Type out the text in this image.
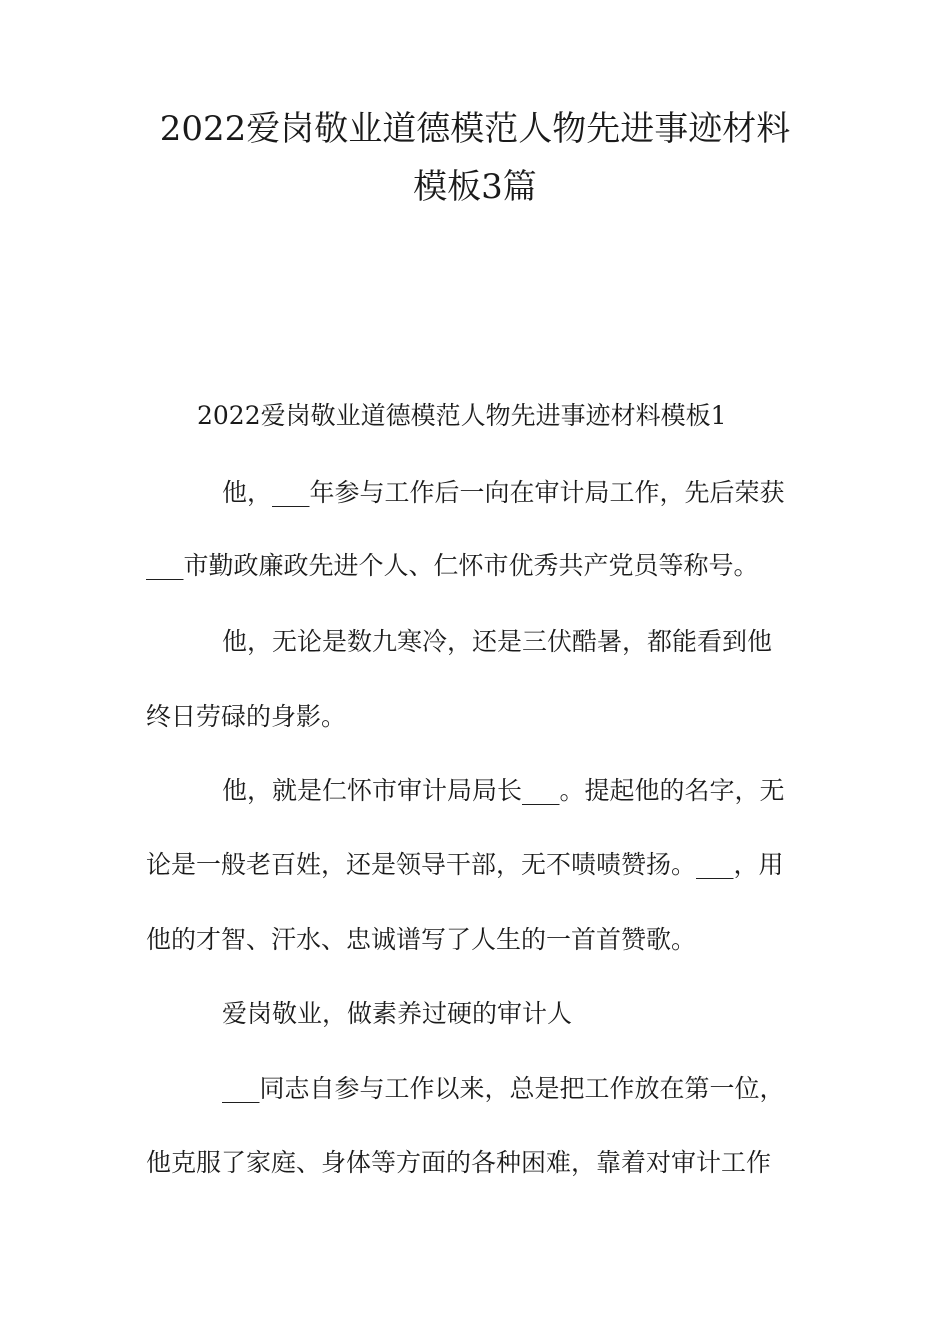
2022爱岗敬业道德模范人物先进事迹材料
模板3篇
2022爱岗敬业道德模范人物先进事迹材料模板1
他，___年参与工作后一向在审计局工作，先后荣获
___市勤政廉政先进个人、仁怀市优秀共产党员等称号。
他，无论是数九寒冷，还是三伏酷暑，都能看到他
终日劳碌的身影。
他，就是仁怀市审计局局长___。提起他的名字，无
论是一般老百姓，还是领导干部，无不啧啧赞扬。___，用
他的才智、汗水、忠诚谱写了人生的一首首赞歌。
爱岗敬业，做素养过硬的审计人
___同志自参与工作以来，总是把工作放在第一位，
他克服了家庭、身体等方面的各种困难，靠着对审计工作
